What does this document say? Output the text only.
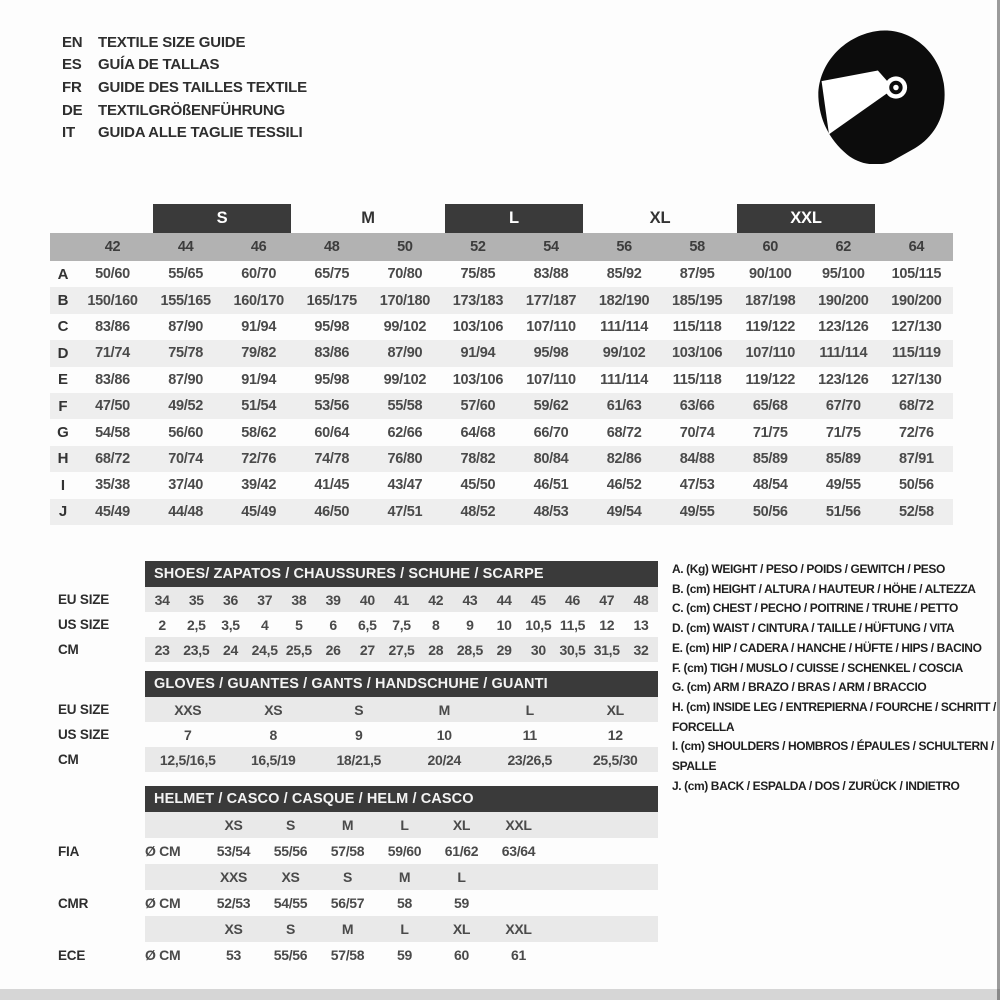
EN	TEXTILE SIZE GUIDE
ES	GUÍA DE TALLAS
FR	GUIDE DES TAILLES TEXTILE
DE	TEXTILGRÖßENFÜHRUNG
IT	GUIDA ALLE TAGLIE TESSILI
S	M	L	XL	XXL
42	44	46	48	50	52	54	56	58	60	62	64
A	50/60	55/65	60/70	65/75	70/80	75/85	83/88	85/92	87/95	90/100	95/100	105/115
B	150/160	155/165	160/170	165/175	170/180	173/183	177/187	182/190	185/195	187/198	190/200	190/200
C	83/86	87/90	91/94	95/98	99/102	103/106	107/110	111/114	115/118	119/122	123/126	127/130
D	71/74	75/78	79/82	83/86	87/90	91/94	95/98	99/102	103/106	107/110	111/114	115/119
E	83/86	87/90	91/94	95/98	99/102	103/106	107/110	111/114	115/118	119/122	123/126	127/130
F	47/50	49/52	51/54	53/56	55/58	57/60	59/62	61/63	63/66	65/68	67/70	68/72
G	54/58	56/60	58/62	60/64	62/66	64/68	66/70	68/72	70/74	71/75	71/75	72/76
H	68/72	70/74	72/76	74/78	76/80	78/82	80/84	82/86	84/88	85/89	85/89	87/91
I	35/38	37/40	39/42	41/45	43/47	45/50	46/51	46/52	47/53	48/54	49/55	50/56
J	45/49	44/48	45/49	46/50	47/51	48/52	48/53	49/54	49/55	50/56	51/56	52/58
SHOES/ ZAPATOS / CHAUSSURES / SCHUHE / SCARPE
EU SIZE	34	35	36	37	38	39	40	41	42	43	44	45	46	47	48
US SIZE	2	2,5	3,5	4	5	6	6,5	7,5	8	9	10 10,5 11,5	12	13
CM	23 23,5 24 24,5 25,5 26	27 27,5 28 28,5 29	30 30,5 31,5 32
GLOVES / GUANTES / GANTS / HANDSCHUHE / GUANTI
EU SIZE	XXS	XS	S	M	L	XL
US SIZE	7	8	9	10	11	12
CM	12,5/16,5	16,5/19	18/21,5	20/24	23/26,5	25,5/30
HELMET / CASCO / CASQUE / HELM / CASCO
XS	S	M	L	XL	XXL
FIA	Ø CM	53/54	55/56	57/58	59/60	61/62	63/64
XXS	XS	S	M	L
CMR	Ø CM	52/53	54/55	56/57	58	59
XS	S	M	L	XL	XXL
ECE	Ø CM	53	55/56	57/58	59	60	61
A. (Kg) WEIGHT / PESO / POIDS / GEWITCH / PESO
B. (cm) HEIGHT / ALTURA / HAUTEUR / HÖHE / ALTEZZA
C. (cm) CHEST / PECHO / POITRINE / TRUHE / PETTO
D. (cm) WAIST / CINTURA / TAILLE / HÜFTUNG / VITA
E. (cm) HIP / CADERA / HANCHE / HÜFTE / HIPS / BACINO
F. (cm) TIGH / MUSLO / CUISSE / SCHENKEL / COSCIA
G. (cm) ARM / BRAZO / BRAS / ARM / BRACCIO
H. (cm) INSIDE LEG / ENTREPIERNA / FOURCHE / SCHRITT / FORCELLA
I. (cm) SHOULDERS / HOMBROS / ÉPAULES / SCHULTERN / SPALLE
J. (cm) BACK / ESPALDA / DOS / ZURÜCK / INDIETRO
